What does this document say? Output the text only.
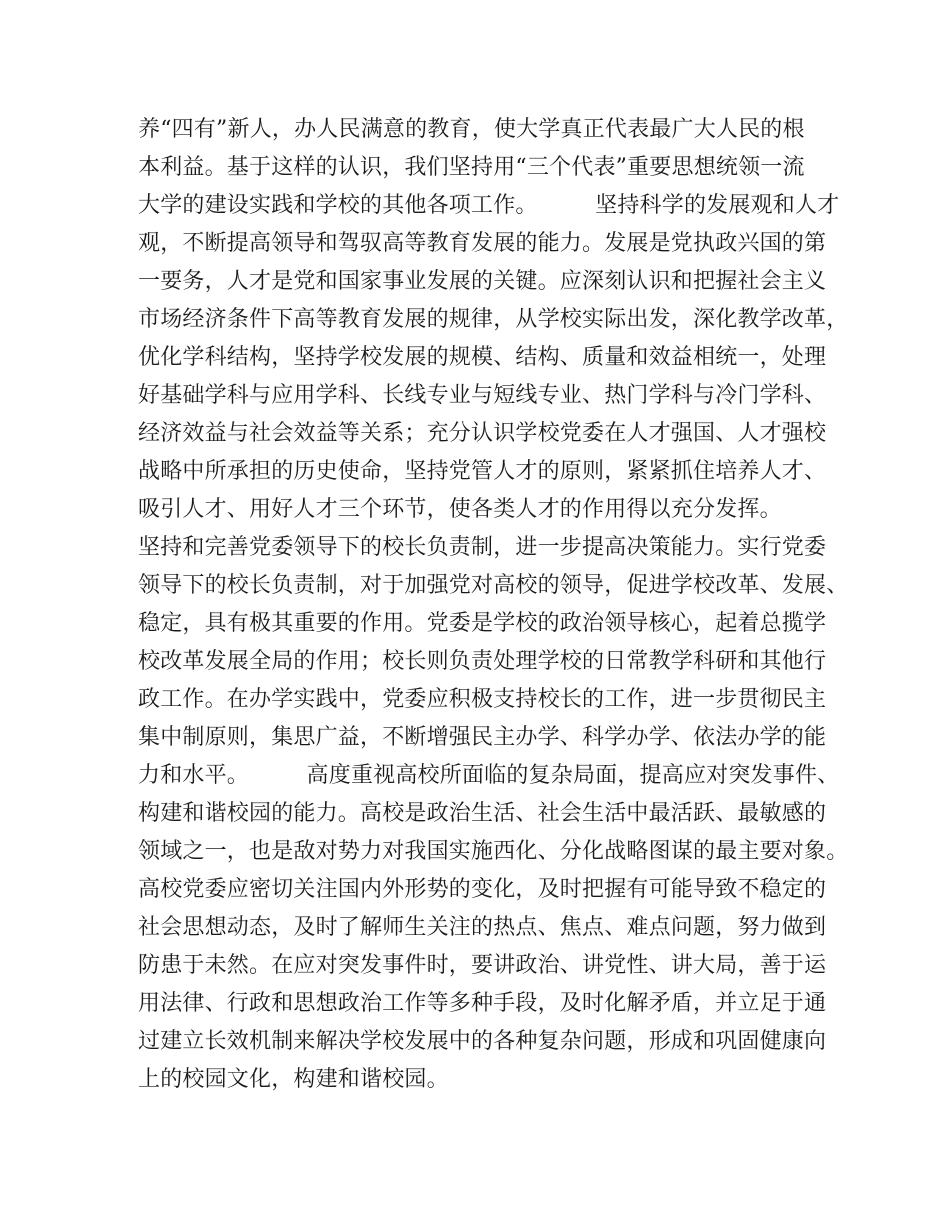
养“四有”新人，办人民满意的教育，使大学真正代表最广大人民的根
本利益。基于这样的认识，我们坚持用“三个代表”重要思想统领一流
大学的建设实践和学校的其他各项工作。        坚持科学的发展观和人才
观，不断提高领导和驾驭高等教育发展的能力。发展是党执政兴国的第
一要务，人才是党和国家事业发展的关键。应深刻认识和把握社会主义
市场经济条件下高等教育发展的规律，从学校实际出发，深化教学改革，
优化学科结构，坚持学校发展的规模、结构、质量和效益相统一，处理
好基础学科与应用学科、长线专业与短线专业、热门学科与冷门学科、
经济效益与社会效益等关系；充分认识学校党委在人才强国、人才强校
战略中所承担的历史使命，坚持党管人才的原则，紧紧抓住培养人才、
吸引人才、用好人才三个环节，使各类人才的作用得以充分发挥。
坚持和完善党委领导下的校长负责制，进一步提高决策能力。实行党委
领导下的校长负责制，对于加强党对高校的领导，促进学校改革、发展、
稳定，具有极其重要的作用。党委是学校的政治领导核心，起着总揽学
校改革发展全局的作用；校长则负责处理学校的日常教学科研和其他行
政工作。在办学实践中，党委应积极支持校长的工作，进一步贯彻民主
集中制原则，集思广益，不断增强民主办学、科学办学、依法办学的能
力和水平。        高度重视高校所面临的复杂局面，提高应对突发事件、
构建和谐校园的能力。高校是政治生活、社会生活中最活跃、最敏感的
领域之一，也是敌对势力对我国实施西化、分化战略图谋的最主要对象。
高校党委应密切关注国内外形势的变化，及时把握有可能导致不稳定的
社会思想动态，及时了解师生关注的热点、焦点、难点问题，努力做到
防患于未然。在应对突发事件时，要讲政治、讲党性、讲大局，善于运
用法律、行政和思想政治工作等多种手段，及时化解矛盾，并立足于通
过建立长效机制来解决学校发展中的各种复杂问题，形成和巩固健康向
上的校园文化，构建和谐校园。
